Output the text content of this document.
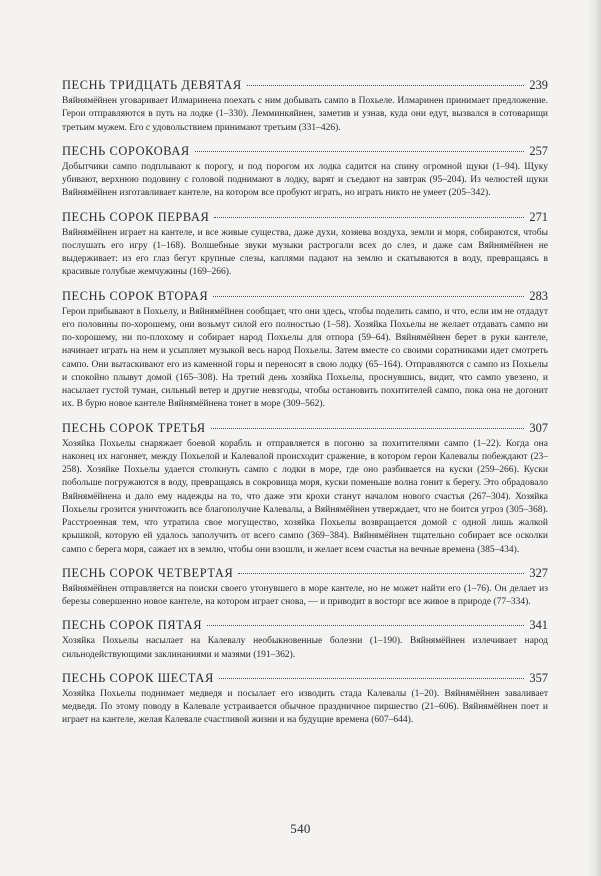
ПЕСНЬ ТРИДЦАТЬ ДЕВЯТАЯ	239

Вяйнямёйнен уговаривает Илмаринена поехать с ним добывать сампо в Похьеле. Илмаринен принимает предложение. Герои отправляются в путь на лодке (1–330). Лемминкяйнен, заметив и узнав, куда они едут, вызвался в сотоварищи третьим мужем. Его с удовольствием принимают третьим (331–426).

ПЕСНЬ СОРОКОВАЯ	257

Добытчики сампо подплывают к порогу, и под порогом их лодка садится на спину огромной щуки (1–94). Щуку убивают, верхнюю подовину с головой поднимают в лодку, варят и съедают на завтрак (95–204). Из челюстей щуки Вяйнямёйнен изготавливает кантеле, на котором все пробуют играть, но играть никто не умеет (205–342).

ПЕСНЬ СОРОК ПЕРВАЯ	271

Вяйнямёйнен играет на кантеле, и все живые существа, даже духи, хозяева воздуха, земли и моря, собираются, чтобы послушать его игру (1–168). Волшебные звуки музыки растрогали всех до слез, и даже сам Вяйнямёйнен не выдерживает: из его глаз бегут крупные слезы, каплями падают на землю и скатываются в воду, превращаясь в красивые голубые жемчужины (169–266).

ПЕСНЬ СОРОК ВТОРАЯ	283

Герои прибывают в Похьелу, и Вяйнямёйнен сообщает, что они здесь, чтобы поделить сампо, и что, если им не отдадут его половины по-хорошему, они возьмут силой его полностью (1–58). Хозяйка Похьелы не желает отдавать сампо ни по-хорошему, ни по-плохому и собирает народ Похьелы для отпора (59–64). Вяйнямёйнен берет в руки кантеле, начинает играть на нем и усыпляет музыкой весь народ Похьелы. Затем вместе со своими соратниками идет смотреть сампо. Они вытаскивают его из каменной горы и переносят в свою лодку (65–164). Отправляются с сампо из Похьелы и спокойно плывут домой (165–308). На третий день хозяйка Похьелы, проснувшись, видит, что сампо увезено, и насылает густой туман, сильный ветер и другие невзгоды, чтобы остановить похитителей сампо, пока она не догонит их. В бурю новое кантеле Вяйнямёйнена тонет в море (309–562).

ПЕСНЬ СОРОК ТРЕТЬЯ	307

Хозяйка Похьелы снаряжает боевой корабль и отправляется в погоню за похитителями сампо (1–22). Когда она наконец их нагоняет, между Похьелой и Калевалой происходит сражение, в котором герои Калевалы побеждают (23–258). Хозяйке Похьелы удается столкнуть сампо с лодки в море, где оно разбивается на куски (259–266). Куски побольше погружаются в воду, превращаясь в сокровища моря, куски поменьше волна гонит к берегу. Это обрадовало Вяйнямёйнена и дало ему надежды на то, что даже эти крохи станут началом нового счастья (267–304). Хозяйка Похьелы грозится уничтожить все благополучие Калевалы, а Вяйнямёйнен утверждает, что не боится угроз (305–368). Расстроенная тем, что утратила свое могущество, хозяйка Похьелы возвращается домой с одной лишь жалкой крышкой, которую ей удалось заполучить от всего сампо (369–384). Вяйнямёйнен тщательно собирает все осколки сампо с берега моря, сажает их в землю, чтобы они взошли, и желает всем счастья на вечные времена (385–434).

ПЕСНЬ СОРОК ЧЕТВЕРТАЯ	327

Вяйнямёйнен отправляется на поиски своего утонувшего в море кантеле, но не может найти его (1–76). Он делает из березы совершенно новое кантеле, на котором играет снова, — и приводит в восторг все живое в природе (77–334).

ПЕСНЬ СОРОК ПЯТАЯ	341

Хозяйка Похьелы насылает на Калевалу необыкновенные болезни (1–190). Вяйнямёйнен излечивает народ сильнодействующими заклинаниями и мазями (191–362).

ПЕСНЬ СОРОК ШЕСТАЯ	357

Хозяйка Похьелы поднимает медведя и посылает его изводить стада Калевалы (1–20). Вяйнямёйнен заваливает медведя. По этому поводу в Калевале устраивается обычное праздничное пиршество (21–606). Вяйнямёйнен поет и играет на кантеле, желая Калевале счастливой жизни и на будущие времена (607–644).

540
